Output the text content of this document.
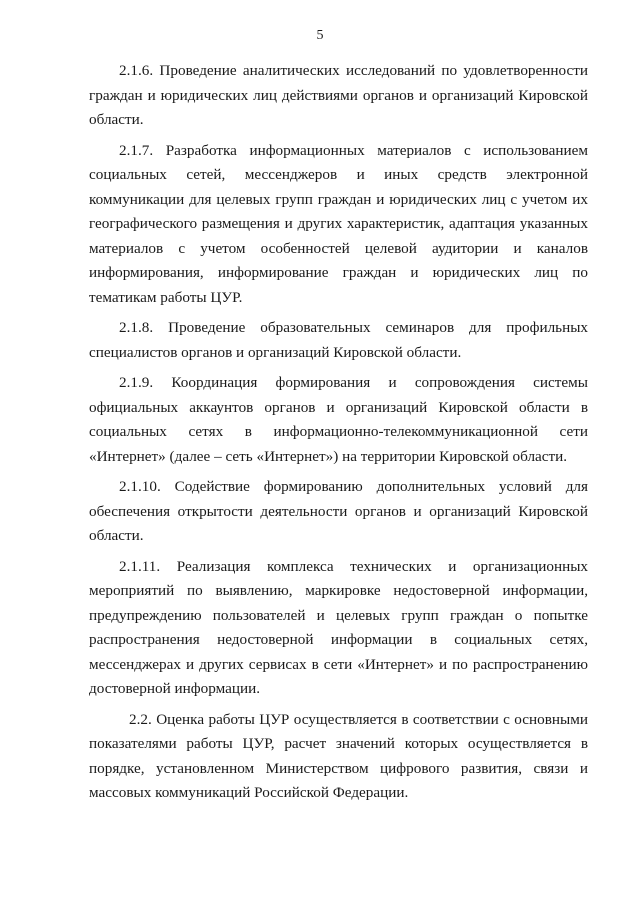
5

2.1.6. Проведение аналитических исследований по удовлетворенности граждан и юридических лиц действиями органов и организаций Кировской области.

2.1.7. Разработка информационных материалов с использованием социальных сетей, мессенджеров и иных средств электронной коммуникации для целевых групп граждан и юридических лиц с учетом их географического размещения и других характеристик, адаптация указанных материалов с учетом особенностей целевой аудитории и каналов информирования, информирование граждан и юридических лиц по тематикам работы ЦУР.

2.1.8. Проведение образовательных семинаров для профильных специалистов органов и организаций Кировской области.

2.1.9. Координация формирования и сопровождения системы официальных аккаунтов органов и организаций Кировской области в социальных сетях в информационно-телекоммуникационной сети «Интернет» (далее – сеть «Интернет») на территории Кировской области.

2.1.10. Содействие формированию дополнительных условий для обеспечения открытости деятельности органов и организаций Кировской области.

2.1.11. Реализация комплекса технических и организационных мероприятий по выявлению, маркировке недостоверной информации, предупреждению пользователей и целевых групп граждан о попытке распространения недостоверной информации в социальных сетях, мессенджерах и других сервисах в сети «Интернет» и по распространению достоверной информации.

2.2. Оценка работы ЦУР осуществляется в соответствии с основными показателями работы ЦУР, расчет значений которых осуществляется в порядке, установленном Министерством цифрового развития, связи и массовых коммуникаций Российской Федерации.
